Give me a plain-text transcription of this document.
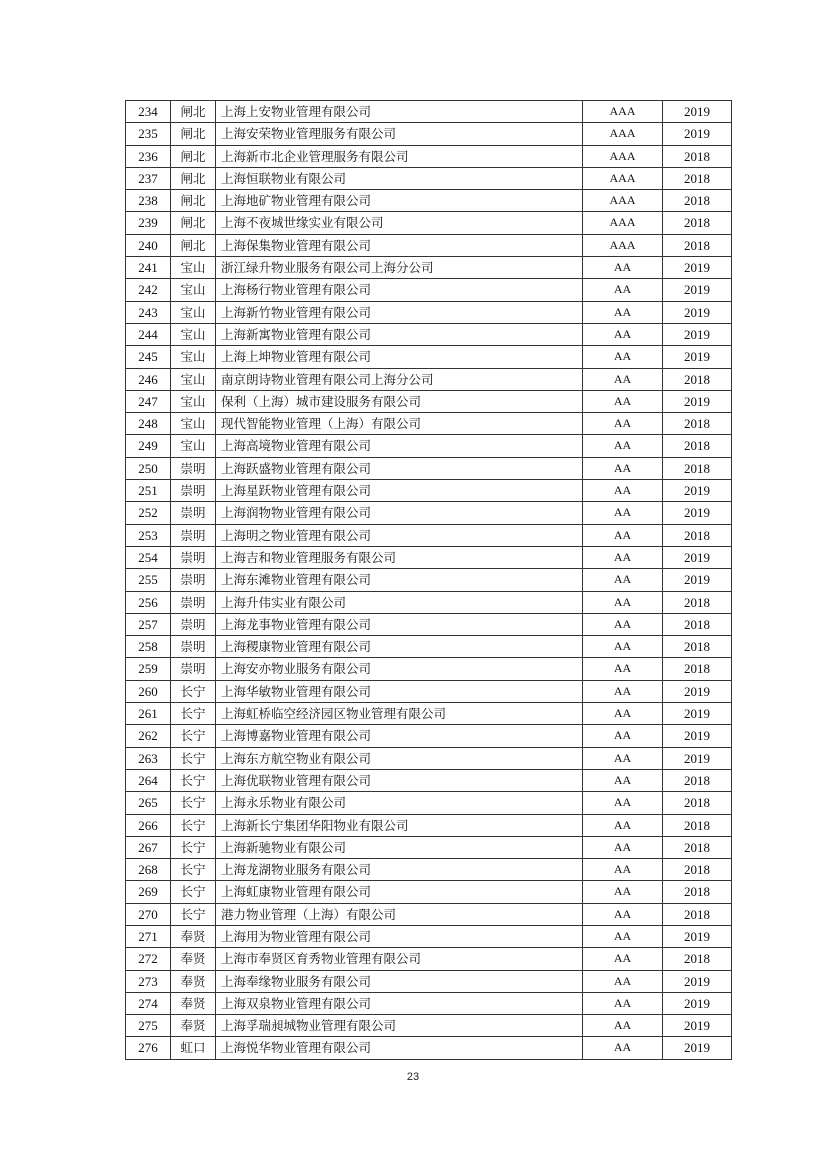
234	闸北	上海上安物业管理有限公司	AAA	2019
235	闸北	上海安荣物业管理服务有限公司	AAA	2019
236	闸北	上海新市北企业管理服务有限公司	AAA	2018
237	闸北	上海恒联物业有限公司	AAA	2018
238	闸北	上海地矿物业管理有限公司	AAA	2018
239	闸北	上海不夜城世缘实业有限公司	AAA	2018
240	闸北	上海保集物业管理有限公司	AAA	2018
241	宝山	浙江绿升物业服务有限公司上海分公司	AA	2019
242	宝山	上海杨行物业管理有限公司	AA	2019
243	宝山	上海新竹物业管理有限公司	AA	2019
244	宝山	上海新寓物业管理有限公司	AA	2019
245	宝山	上海上坤物业管理有限公司	AA	2019
246	宝山	南京朗诗物业管理有限公司上海分公司	AA	2018
247	宝山	保利（上海）城市建设服务有限公司	AA	2019
248	宝山	现代智能物业管理（上海）有限公司	AA	2018
249	宝山	上海高境物业管理有限公司	AA	2018
250	崇明	上海跃盛物业管理有限公司	AA	2018
251	崇明	上海星跃物业管理有限公司	AA	2019
252	崇明	上海润物物业管理有限公司	AA	2019
253	崇明	上海明之物业管理有限公司	AA	2018
254	崇明	上海吉和物业管理服务有限公司	AA	2019
255	崇明	上海东滩物业管理有限公司	AA	2019
256	崇明	上海升伟实业有限公司	AA	2018
257	崇明	上海龙事物业管理有限公司	AA	2018
258	崇明	上海稷康物业管理有限公司	AA	2018
259	崇明	上海安亦物业服务有限公司	AA	2018
260	长宁	上海华敏物业管理有限公司	AA	2019
261	长宁	上海虹桥临空经济园区物业管理有限公司	AA	2019
262	长宁	上海博嘉物业管理有限公司	AA	2019
263	长宁	上海东方航空物业有限公司	AA	2019
264	长宁	上海优联物业管理有限公司	AA	2018
265	长宁	上海永乐物业有限公司	AA	2018
266	长宁	上海新长宁集团华阳物业有限公司	AA	2018
267	长宁	上海新驰物业有限公司	AA	2018
268	长宁	上海龙湖物业服务有限公司	AA	2018
269	长宁	上海虹康物业管理有限公司	AA	2018
270	长宁	港力物业管理（上海）有限公司	AA	2018
271	奉贤	上海用为物业管理有限公司	AA	2019
272	奉贤	上海市奉贤区育秀物业管理有限公司	AA	2018
273	奉贤	上海奉缘物业服务有限公司	AA	2019
274	奉贤	上海双泉物业管理有限公司	AA	2019
275	奉贤	上海孚瑞昶城物业管理有限公司	AA	2019
276	虹口	上海悦华物业管理有限公司	AA	2019
23
